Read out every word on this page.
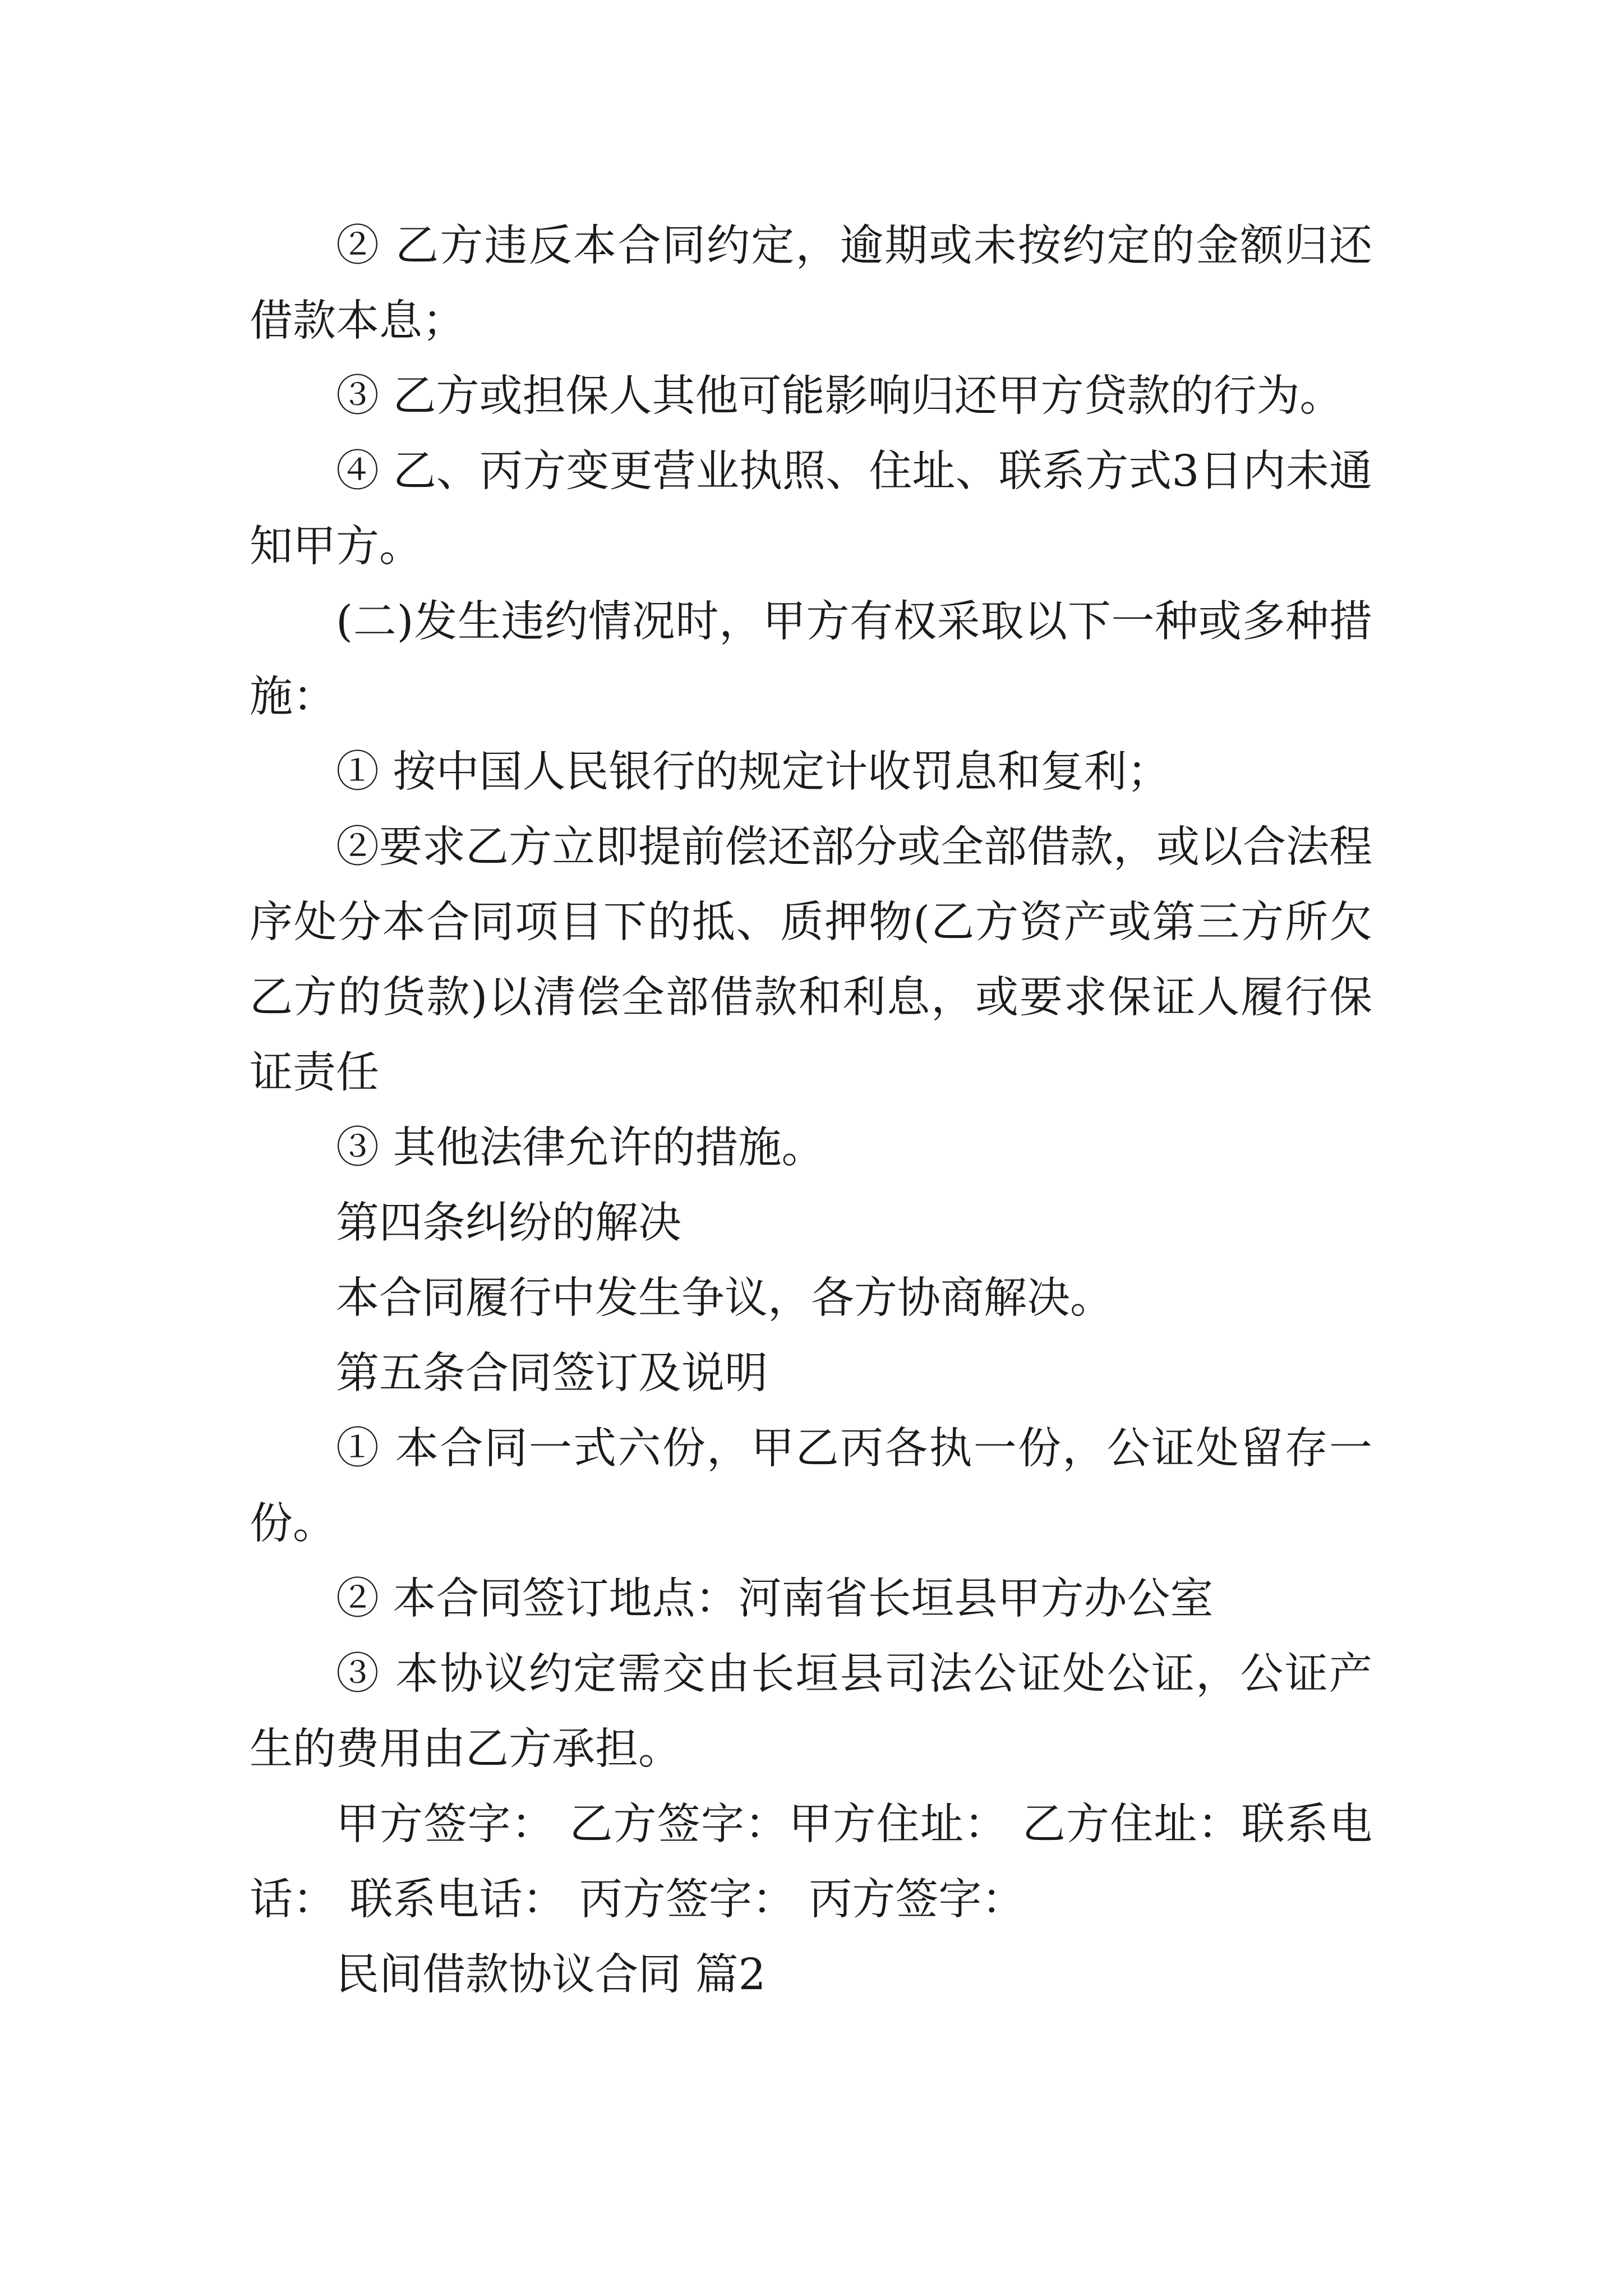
② 乙方违反本合同约定，逾期或未按约定的金额归还借款本息；

③ 乙方或担保人其他可能影响归还甲方贷款的行为。

④ 乙、丙方变更营业执照、住址、联系方式3日内未通知甲方。

(二)发生违约情况时，甲方有权采取以下一种或多种措施：

① 按中国人民银行的规定计收罚息和复利；

②要求乙方立即提前偿还部分或全部借款，或以合法程序处分本合同项目下的抵、质押物(乙方资产或第三方所欠乙方的货款)以清偿全部借款和利息，或要求保证人履行保证责任

③ 其他法律允许的措施。

第四条纠纷的解决

本合同履行中发生争议，各方协商解决。

第五条合同签订及说明

① 本合同一式六份，甲乙丙各执一份，公证处留存一份。

② 本合同签订地点：河南省长垣县甲方办公室

③ 本协议约定需交由长垣县司法公证处公证，公证产生的费用由乙方承担。

甲方签字： 乙方签字：甲方住址： 乙方住址：联系电话： 联系电话： 丙方签字： 丙方签字：

民间借款协议合同 篇2
